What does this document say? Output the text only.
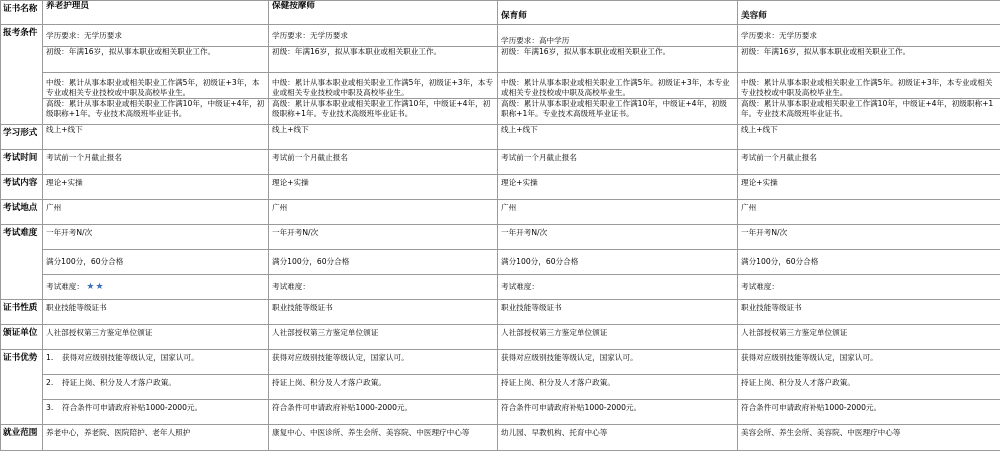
证书名称	养老护理员	保健按摩师	保育师	美容师
报考条件	学历要求：无学历要求	学历要求：无学历要求	学历要求：高中学历	学历要求：无学历要求
	初级：年满16岁，拟从事本职业或相关职业工作。	初级：年满16岁，拟从事本职业或相关职业工作。	初级：年满16岁，拟从事本职业或相关职业工作。	初级：年满16岁，拟从事本职业或相关职业工作。
	中级：累计从事本职业或相关职业工作满5年，初级证+3年，本专业或相关专业技校或中职及高校毕业生。	中级：累计从事本职业或相关职业工作满5年，初级证+3年，本专业或相关专业技校或中职及高校毕业生。	中级：累计从事本职业或相关职业工作满5年。初级证+3年，本专业或相关专业技校或中职及高校毕业生。	中级：累计从事本职业或相关职业工作满5年。初级证+3年，本专业或相关专业技校或中职及高校毕业生。
	高级：累计从事本职业或相关职业工作满10年，中级证+4年，初级职称+1年。专业技术高级班毕业证书。	高级：累计从事本职业或相关职业工作满10年，中级证+4年，初级职称+1年。专业技术高级班毕业证书。	高级：累计从事本职业或相关职业工作满10年，中级证+4年，初级职称+1年。专业技术高级班毕业证书。	高级：累计从事本职业或相关职业工作满10年，中级证+4年，初级职称+1年。专业技术高级班毕业证书。
学习形式	线上+线下	线上+线下	线上+线下	线上+线下
考试时间	考试前一个月截止报名	考试前一个月截止报名	考试前一个月截止报名	考试前一个月截止报名
考试内容	理论+实操	理论+实操	理论+实操	理论+实操
考试地点	广州	广州	广州	广州
考试难度	一年开考N/次	一年开考N/次	一年开考N/次	一年开考N/次
	满分100分，60分合格	满分100分，60分合格	满分100分，60分合格	满分100分，60分合格
	考试难度： ★★	考试难度：	考试难度：	考试难度：
证书性质	职业技能等级证书	职业技能等级证书	职业技能等级证书	职业技能等级证书
颁证单位	人社部授权第三方鉴定单位颁证	人社部授权第三方鉴定单位颁证	人社部授权第三方鉴定单位颁证	人社部授权第三方鉴定单位颁证
证书优势	1. 获得对应级别技能等级认定，国家认可。	获得对应级别技能等级认定，国家认可。	获得对应级别技能等级认定，国家认可。	获得对应级别技能等级认定，国家认可。
	2. 持证上岗、积分及人才落户政策。	持证上岗、积分及人才落户政策。	持证上岗、积分及人才落户政策。	持证上岗、积分及人才落户政策。
	3. 符合条件可申请政府补贴1000-2000元。	符合条件可申请政府补贴1000-2000元。	符合条件可申请政府补贴1000-2000元。	符合条件可申请政府补贴1000-2000元。
就业范围	养老中心，养老院、医院陪护、老年人照护	康复中心、中医诊所、养生会所、美容院、中医理疗中心等	幼儿园、早教机构、托育中心等	美容会所、养生会所、美容院、中医理疗中心等
